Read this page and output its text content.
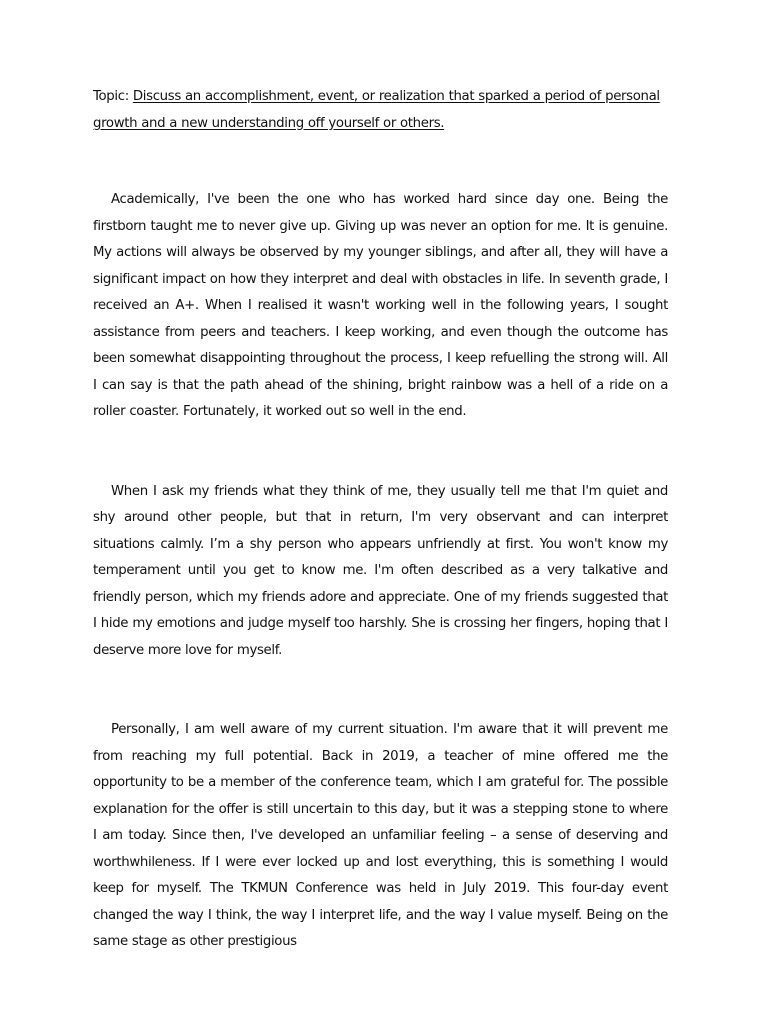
Topic: Discuss an accomplishment, event, or realization that sparked a period of personal growth and a new understanding off yourself or others.

Academically, I've been the one who has worked hard since day one. Being the firstborn taught me to never give up. Giving up was never an option for me. It is genuine. My actions will always be observed by my younger siblings, and after all, they will have a significant impact on how they interpret and deal with obstacles in life. In seventh grade, I received an A+. When I realised it wasn't working well in the following years, I sought assistance from peers and teachers. I keep working, and even though the outcome has been somewhat disappointing throughout the process, I keep refuelling the strong will. All I can say is that the path ahead of the shining, bright rainbow was a hell of a ride on a roller coaster. Fortunately, it worked out so well in the end.

When I ask my friends what they think of me, they usually tell me that I'm quiet and shy around other people, but that in return, I'm very observant and can interpret situations calmly. I’m a shy person who appears unfriendly at first. You won't know my temperament until you get to know me. I'm often described as a very talkative and friendly person, which my friends adore and appreciate. One of my friends suggested that I hide my emotions and judge myself too harshly. She is crossing her fingers, hoping that I deserve more love for myself.

Personally, I am well aware of my current situation. I'm aware that it will prevent me from reaching my full potential. Back in 2019, a teacher of mine offered me the opportunity to be a member of the conference team, which I am grateful for. The possible explanation for the offer is still uncertain to this day, but it was a stepping stone to where I am today. Since then, I've developed an unfamiliar feeling – a sense of deserving and worthwhileness. If I were ever locked up and lost everything, this is something I would keep for myself. The TKMUN Conference was held in July 2019. This four-day event changed the way I think, the way I interpret life, and the way I value myself. Being on the same stage as other prestigious
